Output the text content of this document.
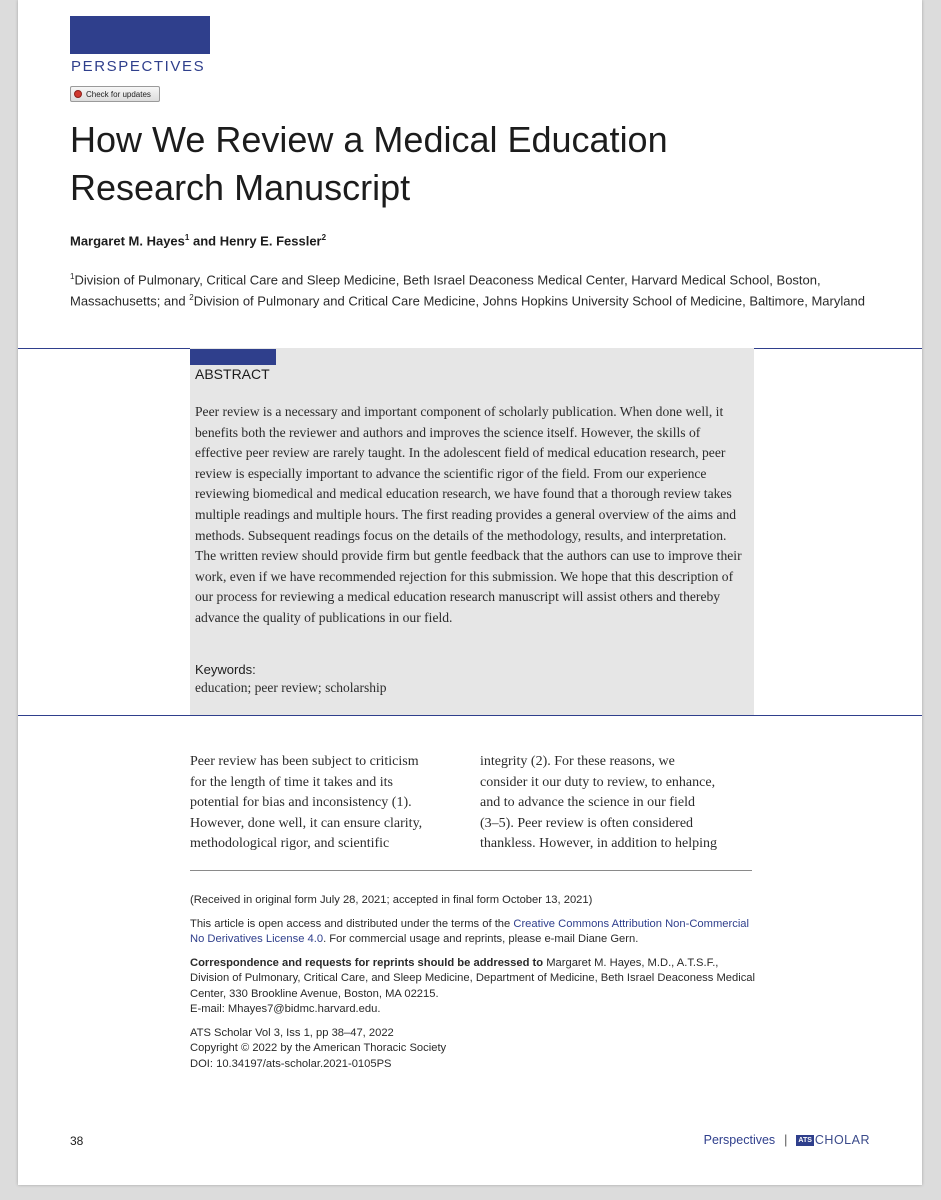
PERSPECTIVES
Check for updates
How We Review a Medical Education Research Manuscript
Margaret M. Hayes$^1$ and Henry E. Fessler$^2$
$^1$Division of Pulmonary, Critical Care and Sleep Medicine, Beth Israel Deaconess Medical Center, Harvard Medical School, Boston, Massachusetts; and $^2$Division of Pulmonary and Critical Care Medicine, Johns Hopkins University School of Medicine, Baltimore, Maryland
ABSTRACT
Peer review is a necessary and important component of scholarly publication. When done well, it benefits both the reviewer and authors and improves the science itself. However, the skills of effective peer review are rarely taught. In the adolescent field of medical education research, peer review is especially important to advance the scientific rigor of the field. From our experience reviewing biomedical and medical education research, we have found that a thorough review takes multiple readings and multiple hours. The first reading provides a general overview of the aims and methods. Subsequent readings focus on the details of the methodology, results, and interpretation. The written review should provide firm but gentle feedback that the authors can use to improve their work, even if we have recommended rejection for this submission. We hope that this description of our process for reviewing a medical education research manuscript will assist others and thereby advance the quality of publications in our field.
Keywords:
education; peer review; scholarship
Peer review has been subject to criticism
for the length of time it takes and its
potential for bias and inconsistency (1).
However, done well, it can ensure clarity,
methodological rigor, and scientific
integrity (2). For these reasons, we
consider it our duty to review, to enhance,
and to advance the science in our field
(3–5). Peer review is often considered
thankless. However, in addition to helping

(Received in original form July 28, 2021; accepted in final form October 13, 2021)

This article is open access and distributed under the terms of the Creative Commons Attribution Non-Commercial No Derivatives License 4.0. For commercial usage and reprints, please e-mail Diane Gern.

Correspondence and requests for reprints should be addressed to Margaret M. Hayes, M.D., A.T.S.F., Division of Pulmonary, Critical Care, and Sleep Medicine, Department of Medicine, Beth Israel Deaconess Medical Center, 330 Brookline Avenue, Boston, MA 02215.
E-mail: Mhayes7@bidmc.harvard.edu.

ATS Scholar Vol 3, Iss 1, pp 38–47, 2022
Copyright © 2022 by the American Thoracic Society
DOI: 10.34197/ats-scholar.2021-0105PS

38	Perspectives | ATS CHOLAR
